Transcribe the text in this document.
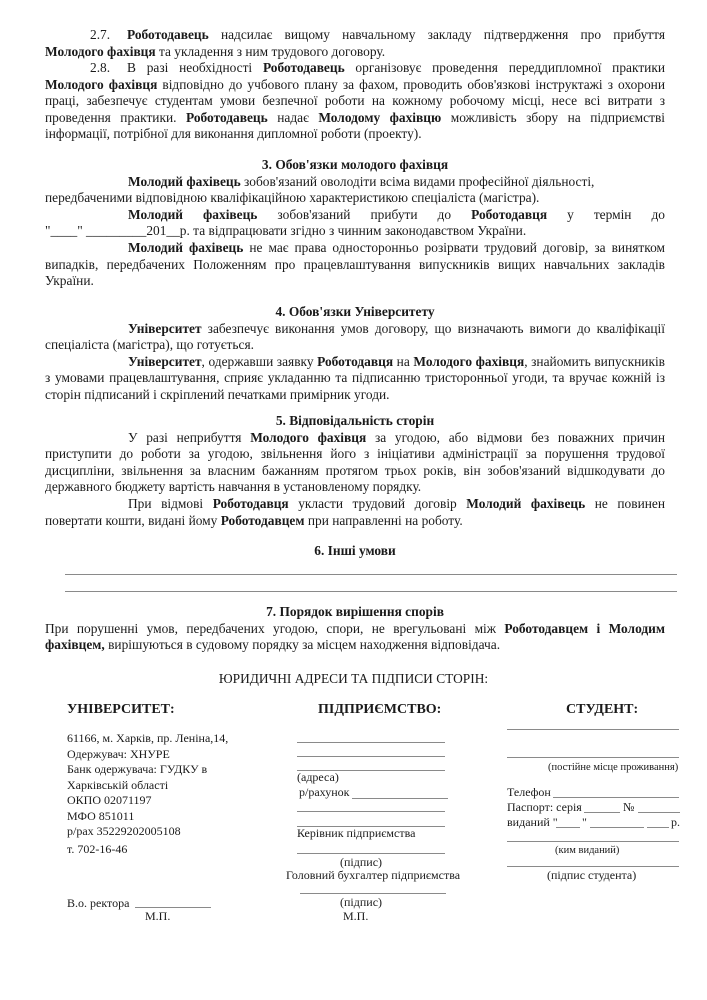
2.7. Роботодавець надсилає вищому навчальному закладу підтвердження про прибуття Молодого фахівця та укладення з ним трудового договору.

2.8. В разі необхідності Роботодавець організовує проведення переддипломної практики Молодого фахівця відповідно до учбового плану за фахом, проводить обов'язкові інструктажі з охорони праці, забезпечує студентам умови безпечної роботи на кожному робочому місці, несе всі витрати з проведення практики. Роботодавець надає Молодому фахівцю можливість збору на підприємстві інформації, потрібної для виконання дипломної роботи (проекту).

3. Обов'язки молодого фахівця

Молодий фахівець зобов'язаний оволодіти всіма видами професійної діяльності, передбаченими відповідною кваліфікаційною характеристикою спеціаліста (магістра).

Молодий фахівець зобов'язаний прибути до Роботодавця у термін до

"____" _________201__р. та відпрацювати згідно з чинним законодавством України.

Молодий фахівець не має права односторонньо розірвати трудовий договір, за винятком випадків, передбачених Положенням про працевлаштування випускників вищих навчальних закладів України.

4. Обов'язки Університету

Університет забезпечує виконання умов договору, що визначають вимоги до кваліфікації спеціаліста (магістра), що готується.

Університет, одержавши заявку Роботодавця на Молодого фахівця, знайомить випускників з умовами працевлаштування, сприяє укладанню та підписанню тристоронньої угоди, та вручає кожній із сторін підписаний і скріплений печатками примірник угоди.

5. Відповідальність сторін

У разі неприбуття Молодого фахівця за угодою, або відмови без поважних причин приступити до роботи за угодою, звільнення його з ініціативи адміністрації за порушення трудової дисципліни, звільнення за власним бажанням протягом трьох років, він зобов'язаний відшкодувати до державного бюджету вартість навчання в установленому порядку.

При відмові Роботодавця укласти трудовий договір Молодий фахівець не повинен повертати кошти, видані йому Роботодавцем при направленні на роботу.

6. Інші умови

7. Порядок вирішення спорів

При порушенні умов, передбачених угодою, спори, не врегульовані між Роботодавцем і Молодим фахівцем, вирішуються в судовому порядку за місцем находження відповідача.

ЮРИДИЧНІ АДРЕСИ ТА ПІДПИСИ СТОРІН:
УНІВЕРСИТЕТ:
61166, м. Харків, пр. Леніна,14,
Одержувач: ХНУРЕ
Банк одержувача: ГУДКУ в
Харківській області
ОКПО 02071197
МФО 851011
р/рах 35229202005108
т. 702-16-46
В.о. ректора
М.П.
ПІДПРИЄМСТВО:
(адреса)
р/рахунок
Керівник підприємства
(підпис)
Головний бухгалтер підприємства
(підпис)
М.П.
СТУДЕНТ:
(постійне місце проживання)
Телефон
Паспорт: серія	№
виданий " "	р.
(ким виданий)
(підпис студента)
